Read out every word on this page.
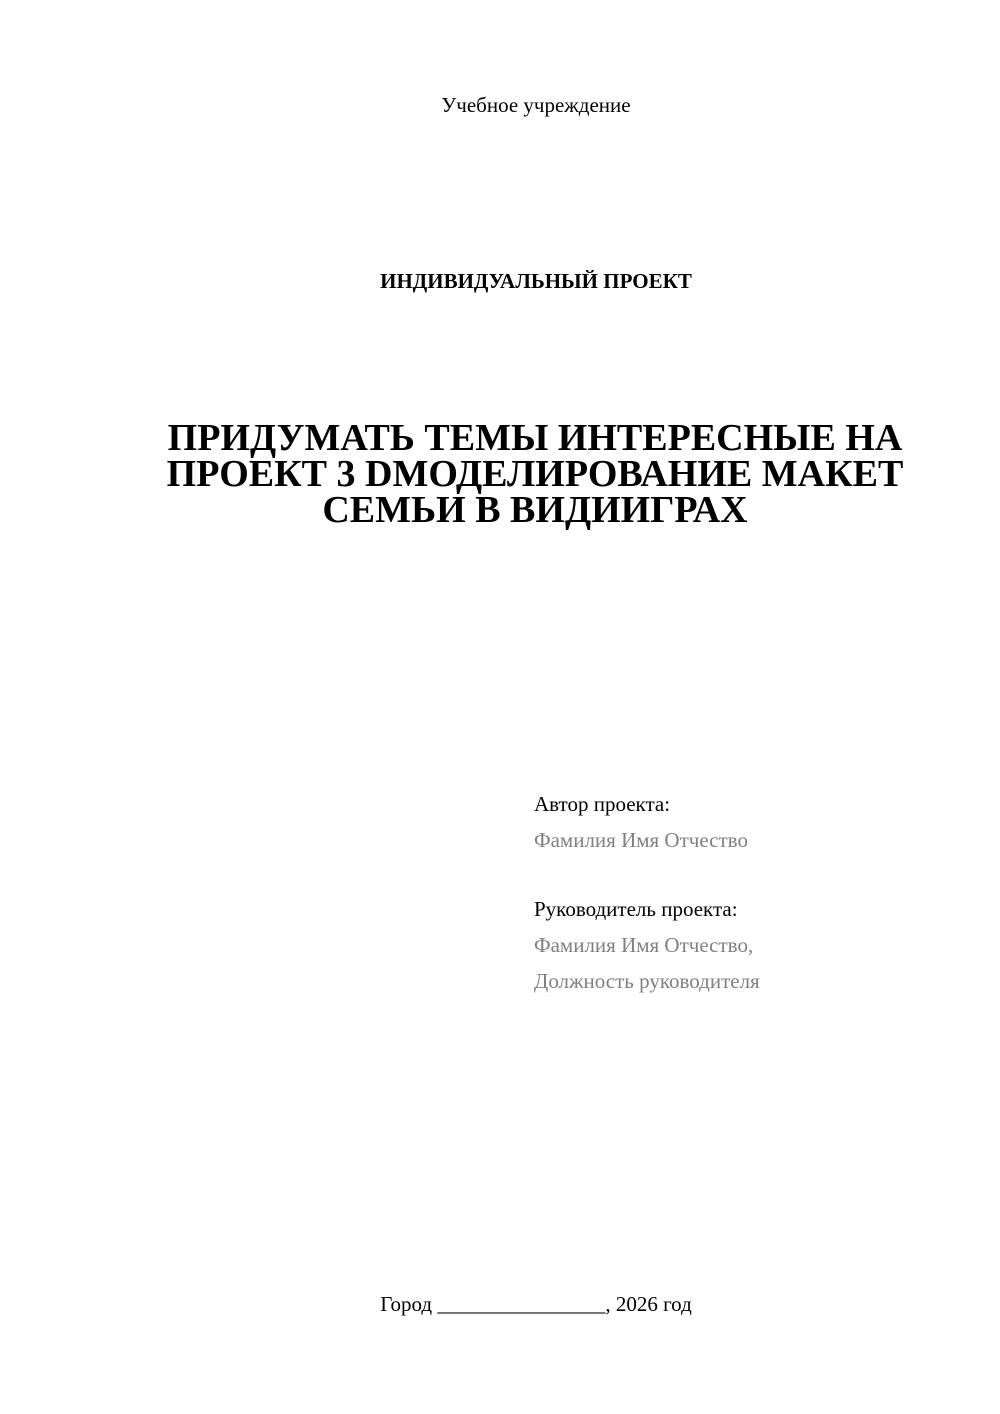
Учебное учреждение
ИНДИВИДУАЛЬНЫЙ ПРОЕКТ
ПРИДУМАТЬ ТЕМЫ ИНТЕРЕСНЫЕ НА ПРОЕКТ 3 DМОДЕЛИРОВАНИЕ МАКЕТ СЕМЬИ В ВИДИИГРАХ
Автор проекта:
Фамилия Имя Отчество
Руководитель проекта:
Фамилия Имя Отчество,
Должность руководителя
Город ________________, 2026 год
